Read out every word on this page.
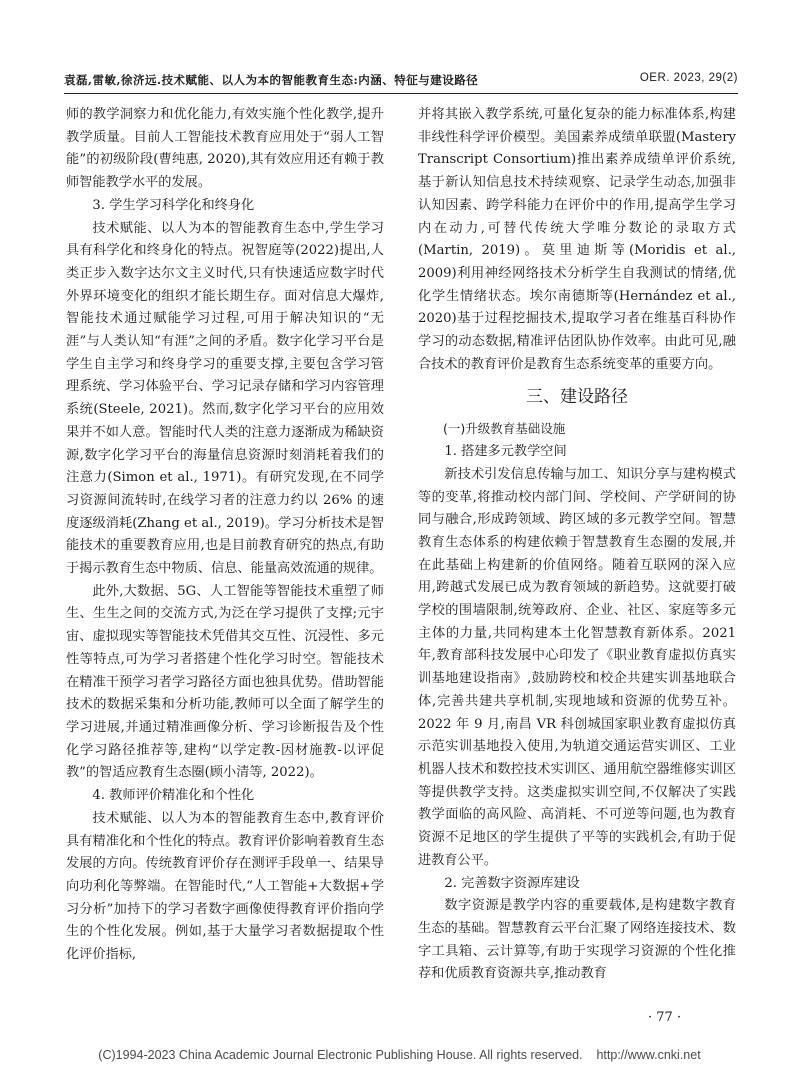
袁磊,雷敏,徐济远.技术赋能、以人为本的智能教育生态:内涵、特征与建设路径	OER. 2023, 29(2)

师的教学洞察力和优化能力,有效实施个性化教学,提升教学质量。目前人工智能技术教育应用处于“弱人工智能”的初级阶段(曹纯惠, 2020),其有效应用还有赖于教师智能教学水平的发展。

3. 学生学习科学化和终身化

技术赋能、以人为本的智能教育生态中,学生学习具有科学化和终身化的特点。祝智庭等(2022)提出,人类正步入数字达尔文主义时代,只有快速适应数字时代外界环境变化的组织才能长期生存。面对信息大爆炸,智能技术通过赋能学习过程,可用于解决知识的“无涯”与人类认知“有涯”之间的矛盾。数字化学习平台是学生自主学习和终身学习的重要支撑,主要包含学习管理系统、学习体验平台、学习记录存储和学习内容管理系统(Steele, 2021)。然而,数字化学习平台的应用效果并不如人意。智能时代人类的注意力逐渐成为稀缺资源,数字化学习平台的海量信息资源时刻消耗着我们的注意力(Simon et al., 1971)。有研究发现,在不同学习资源间流转时,在线学习者的注意力约以 26% 的速度逐级消耗(Zhang et al., 2019)。学习分析技术是智能技术的重要教育应用,也是目前教育研究的热点,有助于揭示教育生态中物质、信息、能量高效流通的规律。

此外,大数据、5G、人工智能等智能技术重塑了师生、生生之间的交流方式,为泛在学习提供了支撑;元宇宙、虚拟现实等智能技术凭借其交互性、沉浸性、多元性等特点,可为学习者搭建个性化学习时空。智能技术在精准干预学习者学习路径方面也独具优势。借助智能技术的数据采集和分析功能,教师可以全面了解学生的学习进展,并通过精准画像分析、学习诊断报告及个性化学习路径推荐等,建构“以学定教-因材施教-以评促教”的智适应教育生态圈(顾小清等, 2022)。

4. 教师评价精准化和个性化

技术赋能、以人为本的智能教育生态中,教育评价具有精准化和个性化的特点。教育评价影响着教育生态发展的方向。传统教育评价存在测评手段单一、结果导向功利化等弊端。在智能时代,“人工智能+大数据+学习分析”加持下的学习者数字画像使得教育评价指向学生的个性化发展。例如,基于大量学习者数据提取个性化评价指标,

并将其嵌入教学系统,可量化复杂的能力标准体系,构建非线性科学评价模型。美国素养成绩单联盟(Mastery Transcript Consortium)推出素养成绩单评价系统,基于新认知信息技术持续观察、记录学生动态,加强非认知因素、跨学科能力在评价中的作用,提高学生学习内在动力,可替代传统大学唯分数论的录取方式(Martin, 2019)。莫里迪斯等(Moridis et al., 2009)利用神经网络技术分析学生自我测试的情绪,优化学生情绪状态。埃尔南德斯等(Hernández et al., 2020)基于过程挖掘技术,提取学习者在维基百科协作学习的动态数据,精准评估团队协作效率。由此可见,融合技术的教育评价是教育生态系统变革的重要方向。

三、建设路径

(一)升级教育基础设施

1. 搭建多元教学空间

新技术引发信息传输与加工、知识分享与建构模式等的变革,将推动校内部门间、学校间、产学研间的协同与融合,形成跨领域、跨区域的多元教学空间。智慧教育生态体系的构建依赖于智慧教育生态圈的发展,并在此基础上构建新的价值网络。随着互联网的深入应用,跨越式发展已成为教育领域的新趋势。这就要打破学校的围墙限制,统筹政府、企业、社区、家庭等多元主体的力量,共同构建本土化智慧教育新体系。2021 年,教育部科技发展中心印发了《职业教育虚拟仿真实训基地建设指南》,鼓励跨校和校企共建实训基地联合体,完善共建共享机制,实现地域和资源的优势互补。2022 年 9 月,南昌 VR 科创城国家职业教育虚拟仿真示范实训基地投入使用,为轨道交通运营实训区、工业机器人技术和数控技术实训区、通用航空器维修实训区等提供教学支持。这类虚拟实训空间,不仅解决了实践教学面临的高风险、高消耗、不可逆等问题,也为教育资源不足地区的学生提供了平等的实践机会,有助于促进教育公平。

2. 完善数字资源库建设

数字资源是教学内容的重要载体,是构建数字教育生态的基础。智慧教育云平台汇聚了网络连接技术、数字工具箱、云计算等,有助于实现学习资源的个性化推荐和优质教育资源共享,推动教育

· 77 ·
(C)1994-2023 China Academic Journal Electronic Publishing House. All rights reserved.    http://www.cnki.net
